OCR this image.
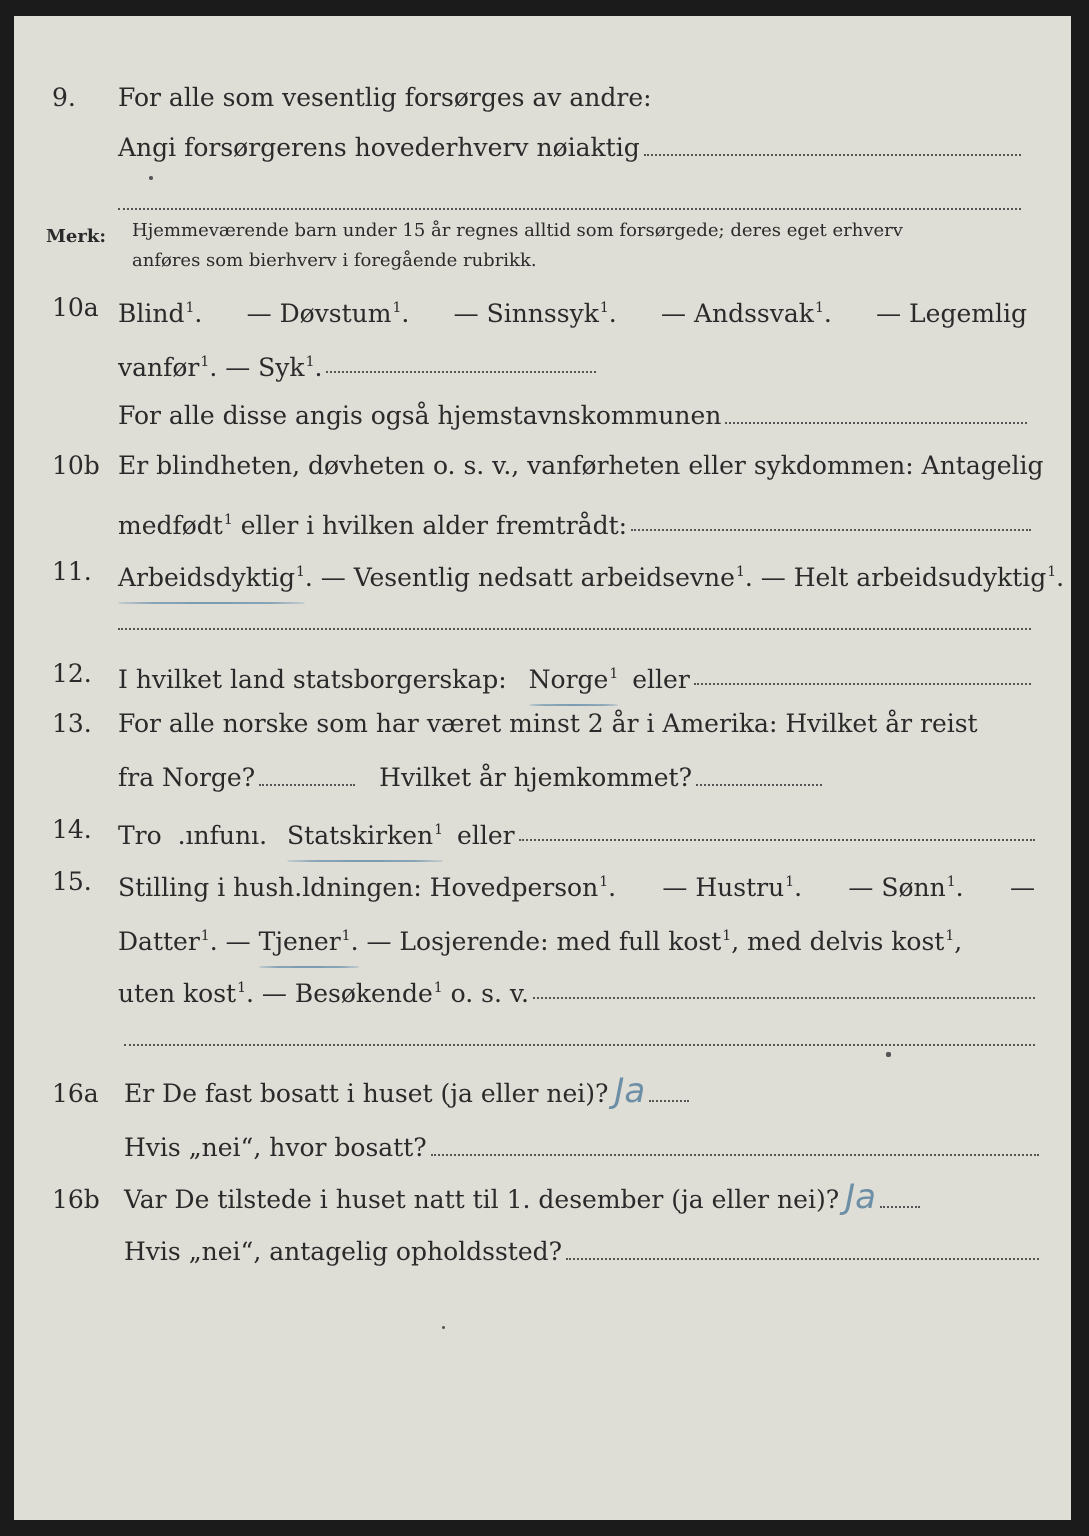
9. For alle som vesentlig forsørges av andre:
Angi forsørgerens hovederhverv nøiaktig
Merk: Hjemmeværende barn under 15 år regnes alltid som forsørgede; deres eget erhverv
anføres som bierhverv i foregående rubrikk.
10a Blind$^1$. — Døvstum$^1$. — Sinnssyk$^1$. — Andssvak$^1$. — Legemlig
vanfør$^1$. — Syk$^1$.
For alle disse angis også hjemstavnskommunen
10b Er blindheten, døvheten o. s. v., vanførheten eller sykdommen: Antagelig
medfødt$^1$ eller i hvilken alder fremtrådt:
11. Arbeidsdyktig$^1$ . — Vesentlig nedsatt arbeidsevne$^1$ . — Helt arbeidsudyktig$^1$.
12. I hvilket land statsborgerskap: Norge$^1$ eller
13. For alle norske som har været minst 2 år i Amerika: Hvilket år reist
fra Norge?	Hvilket år hjemkommet?
14. Tro  .ınfunı. Statskirken$^1$ eller
15. Stilling i hush.ldningen: Hovedperson$^1$. — Hustru$^1$. — Sønn$^1$. —
Datter$^1$. — Tjener$^1$. — Losjerende: med full kost$^1$ , med delvis kost$^1$,
uten kost$^1$. — Besøkende$^1$ o. s. v.
16a Er De fast bosatt i huset (ja eller nei)? Ja
Hvis „nei“, hvor bosatt?
16b Var De tilstede i huset natt til 1. desember (ja eller nei)? Ja
Hvis „nei“, antagelig opholdssted?
